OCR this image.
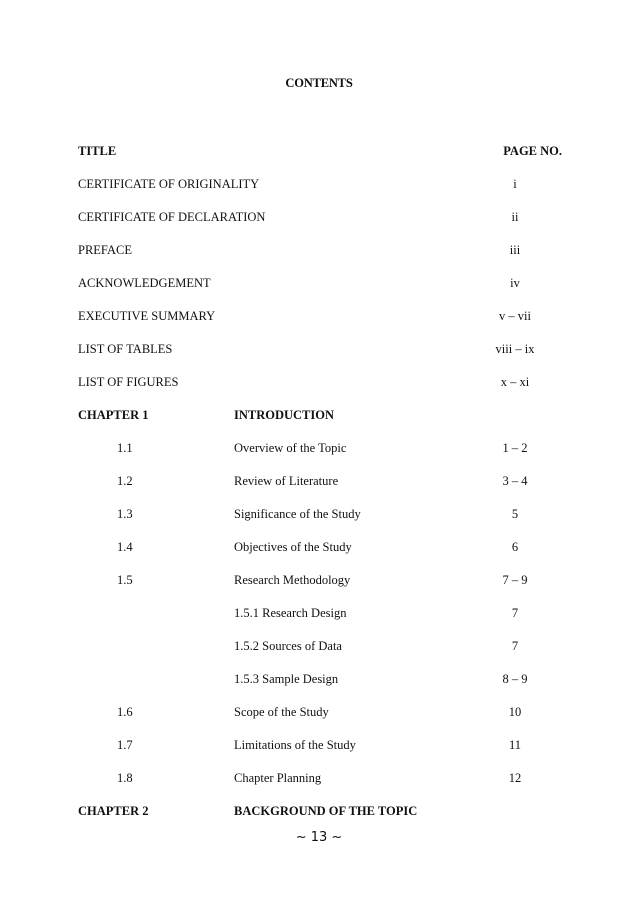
CONTENTS
TITLE	PAGE NO.
CERTIFICATE OF ORIGINALITY	i
CERTIFICATE OF DECLARATION	ii
PREFACE	iii
ACKNOWLEDGEMENT	iv
EXECUTIVE SUMMARY	v – vii
LIST OF TABLES	viii – ix
LIST OF FIGURES	x – xi
CHAPTER 1	INTRODUCTION
1.1	Overview of the Topic	1 – 2
1.2	Review of Literature	3 – 4
1.3	Significance of the Study	5
1.4	Objectives of the Study	6
1.5	Research Methodology	7 – 9
1.5.1 Research Design	7
1.5.2 Sources of Data	7
1.5.3 Sample Design	8 – 9
1.6	Scope of the Study	10
1.7	Limitations of the Study	11
1.8	Chapter Planning	12
CHAPTER 2	BACKGROUND OF THE TOPIC
~ 13 ~
